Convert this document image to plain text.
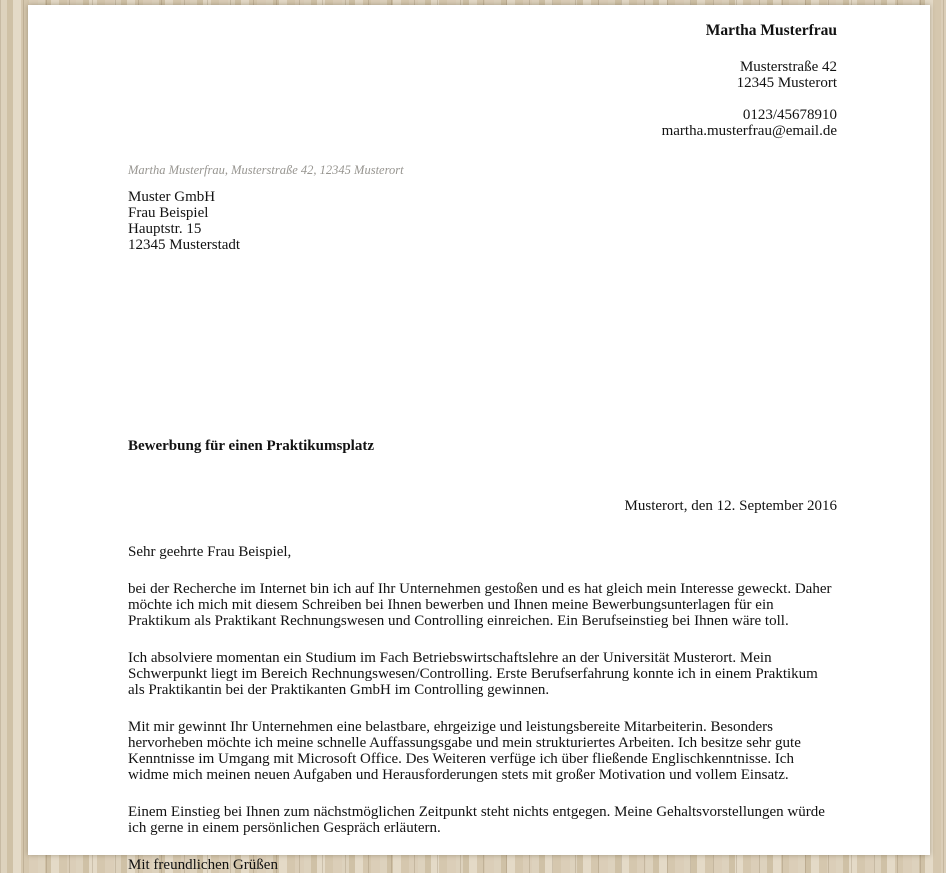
Martha Musterfrau
Musterstraße 42
12345 Musterort
0123/45678910
martha.musterfrau@email.de
Martha Musterfrau, Musterstraße 42, 12345 Musterort
Muster GmbH
Frau Beispiel
Hauptstr. 15
12345 Musterstadt
Bewerbung für einen Praktikumsplatz
Musterort, den 12. September 2016
Sehr geehrte Frau Beispiel,

bei der Recherche im Internet bin ich auf Ihr Unternehmen gestoßen und es hat gleich mein Interesse geweckt. Daher möchte ich mich mit diesem Schreiben bei Ihnen bewerben und Ihnen meine Bewerbungsunterlagen für ein Praktikum als Praktikant Rechnungswesen und Controlling einreichen. Ein Berufseinstieg bei Ihnen wäre toll.

Ich absolviere momentan ein Studium im Fach Betriebswirtschaftslehre an der Universität Musterort. Mein Schwerpunkt liegt im Bereich Rechnungswesen/Controlling. Erste Berufserfahrung konnte ich in einem Praktikum als Praktikantin bei der Praktikanten GmbH im Controlling gewinnen.

Mit mir gewinnt Ihr Unternehmen eine belastbare, ehrgeizige und leistungsbereite Mitarbeiterin. Besonders hervorheben möchte ich meine schnelle Auffassungsgabe und mein strukturiertes Arbeiten. Ich besitze sehr gute Kenntnisse im Umgang mit Microsoft Office. Des Weiteren verfüge ich über fließende Englischkenntnisse. Ich widme mich meinen neuen Aufgaben und Herausforderungen stets mit großer Motivation und vollem Einsatz.

Einem Einstieg bei Ihnen zum nächstmöglichen Zeitpunkt steht nichts entgegen. Meine Gehaltsvorstellungen würde ich gerne in einem persönlichen Gespräch erläutern.

Mit freundlichen Grüßen
